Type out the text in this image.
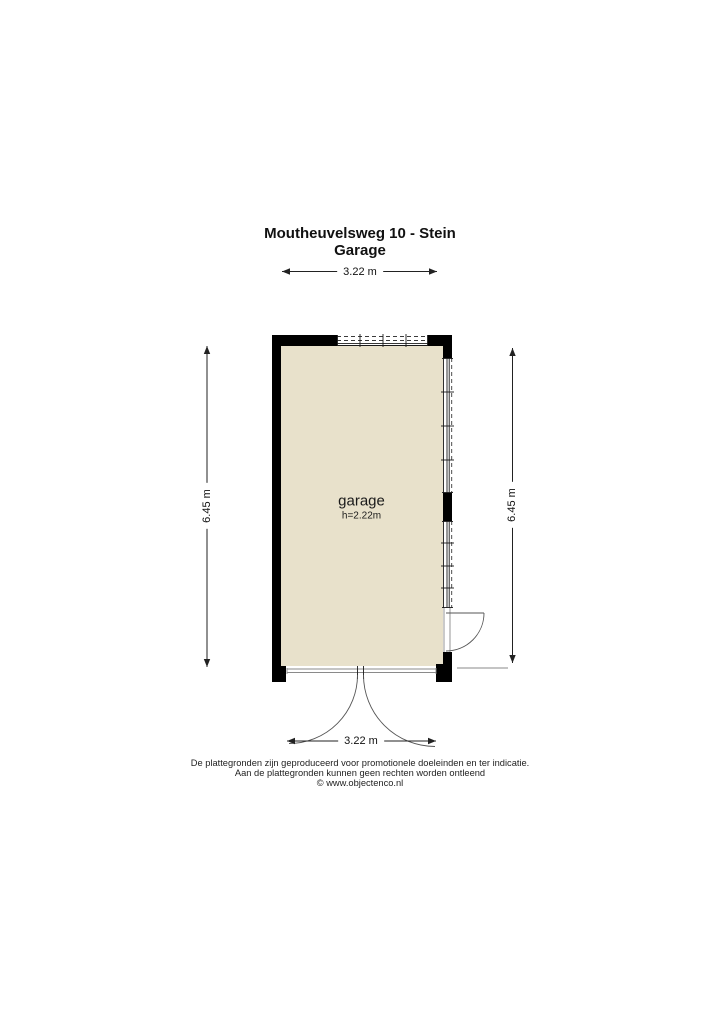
Moutheuvelsweg 10 - Stein
Garage
3.22 m
3.22 m
6.45 m	6.45 m
garage
h=2.22m
De plattegronden zijn geproduceerd voor promotionele doeleinden en ter indicatie.
Aan de plattegronden kunnen geen rechten worden ontleend
© www.objectenco.nl
